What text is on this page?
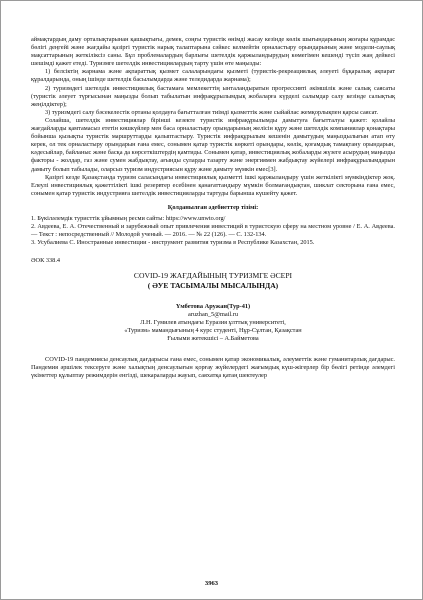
аймақтардың даму орталықтарынан қашықтығы, демек, соңғы туристік өнімді жасау кезінде көлік шығындарының жоғары құрамдас бөлігі деңгейі және жағдайы қазіргі туристік нарық талаптарына сәйкес келмейтін орналастыру орындарының және модели-саулық мақсаттарының жеткіліксіз саны. Бұл проблемалардың барлығы шетелдік қаржыландырудың көмегімен кешенді түсіп жаң дейкесі шешімді қажет етеді. Туризмге шетелдік инвестициялардың тарту үшін өте маңызды:

1) белсіктің жарнама және ақпараттық қызмет салаларындағы қызметі (туристік-рекреациялық әлеуеті бұқаралық ақпарат құралдарында, оның ішінде шетелдік басылымдарда және теледидарда жарнама);

2) туризмдегі шетелдік инвестициялық бастамаға мемлекеттің ынталандыратын прогрессивті әкімшілік және салық саясаты (туристік әлеует түрғысынан маңызды болып табылатын инфрақұрылымдық жобаларға күрделі салымдар салу кезінде салықтық жеңілдіктер);

3) туризмдегі салу бәсекелестік ортаны қолдауға бағытталған тиімді қызметтік және сыйайлас жемқорлықпен қарсы саясат.

Солайша, шетелдік инвестициялар бірінші кезекте туристік инфрақұрылымды дамытуға бағытталуы қажет: қолайлы жағдайларды қамтамасыз ететін көшкүйлер мен баса орналастыру орындарының желісін құру және шетелдік компаниялар қонақтары бойынша қызықты туристік маршруттарды қалыптастыру. Туристік инфрақұрылым кешенін дамытудың маңыздылығын атап өту керек, ол тек орналастыру орындарын ғана емес, сонымен қатар туристік көркеті орындары, көлік, қоғамдық тамақтану орындарын, кәдесыйлар, байланыс және басқа да көрсеткіштердің қамтиды. Сонымен қатар, инвестициялық жобаларды жүзеге асырудың маңызды факторы - жолдар, газ және сумен жабдықтау, ағынды суларды тазарту және энергиямен жабдықтау жүйелері инфрақұрылымдарын дамыту болып табылады, оларсыз туризм индустриясын құру және дамыту мүмкін емес[3].

Қазіргі кезде Қазақстанда туризм саласындағы инвестициялық қызметті ішкі қаржыландыру үшін жеткілікті мүмкіндіктер жоқ. Елеулі инвестициялық қажеттілікті ішкі резервтер есебінен қанағаттандыру мүмкін болмағандықтан, шиклат секторына ғана емес, сонымен қатар туристік индустрияға шетелдік инвестицияларды тартуды барынша күшейту қажет.

Қолданылған әдебиеттер тізімі:

1. Бүкіләлемдік туристтік ұйымның ресми сайты: https://www.unwto.org/

2. Авдеева, Е. А. Отечественный и зарубежный опыт привлечения инвестиций в туристскую сферу на местном уровне / Е. А. Авдеева. — Текст : непосредственный // Молодой ученый. — 2016. — № 22 (126). — С. 132-134.

3. Усубалиева С. Иностранные инвестиции - инструмент развития туризма в Республике Казахстан, 2015.

ӘОК 338.4

COVID-19 ЖАҒДАЙЫНЫҢ ТУРИЗМГЕ ӘСЕРІ

( ӘУЕ ТАСЫМАЛЫ МЫСАЛЫНДА)

Үмбетова Аружан(Тур-41)

aruzhan_5@mail.ru

Л.Н. Гумилев атындағы Еуразия ұлттық университеті,

«Туризм» мамандығының 4 курс студенті, Нұр-Сұлтан, Қазақстан

Ғылыми жетекшісі – А.Байметова

COVID-19 пандемиясы денсаулық дағдарысы ғана емес, сонымен қатар экономикалық, әлеуметтік және гуманитарлық дағдарыс. Пандемия әршілек тексеруге және халықтың денсаулығын қорғау жүйелердегі жағымдық күш-жігерлер бір бөлігі ретінде әлемдегі үкіметтер құлыптау режимдерін енгізді, шекараларды жауып, саяхатқа қатаң шектеулер

3963
